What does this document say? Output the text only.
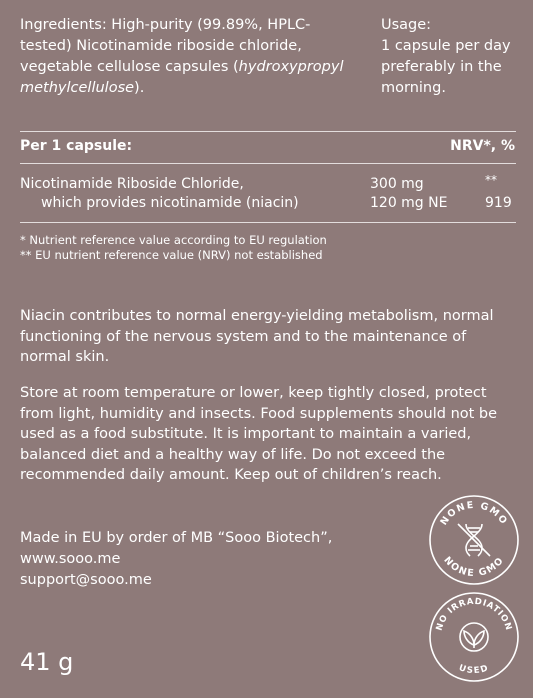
Ingredients: High-purity (99.89%, HPLC-tested) Nicotinamide riboside chloride, vegetable cellulose capsules (hydroxypropyl methylcellulose).
Usage:
1 capsule per day preferably in the morning.
Per 1 capsule:	NRV*, %
Nicotinamide Riboside Chloride,	300 mg	**
which provides nicotinamide (niacin)	120 mg NE	919
* Nutrient reference value according to EU regulation
** EU nutrient reference value (NRV) not established
Niacin contributes to normal energy-yielding metabolism, normal functioning of the nervous system and to the maintenance of normal skin.
Store at room temperature or lower, keep tightly closed, protect from light, humidity and insects. Food supplements should not be used as a food substitute. It is important to maintain a varied, balanced diet and a healthy way of life. Do not exceed the recommended daily amount. Keep out of children’s reach.
Made in EU by order of MB “Sooo Biotech”,
www.sooo.me
support@sooo.me
41 g
NONE GMO
NONE GMO
NO IRRADIATION
USED
